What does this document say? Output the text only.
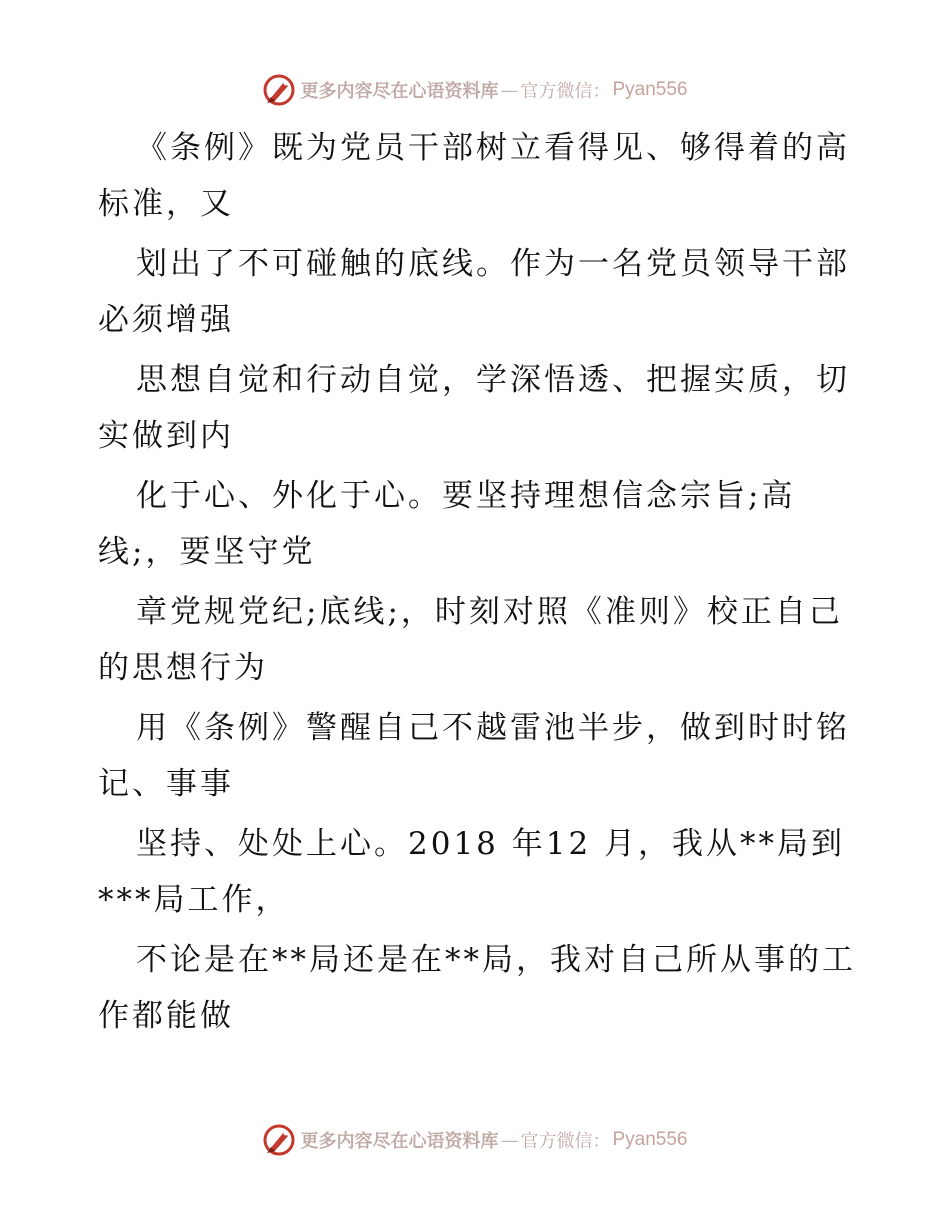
更多内容尽在心语资料库 — 官方微信： Pyan556
《条例》既为党员干部树立看得见、够得着的高
标准，又
划出了不可碰触的底线。作为一名党员领导干部
必须增强
思想自觉和行动自觉，学深悟透、把握实质，切
实做到内
化于心、外化于心。要坚持理想信念宗旨;高
线;，要坚守党
章党规党纪;底线;，时刻对照《准则》校正自己
的思想行为
用《条例》警醒自己不越雷池半步，做到时时铭
记、事事
坚持、处处上心。2018 年12 月，我从**局到
***局工作，
不论是在**局还是在**局，我对自己所从事的工
作都能做
更多内容尽在心语资料库 — 官方微信： Pyan556
